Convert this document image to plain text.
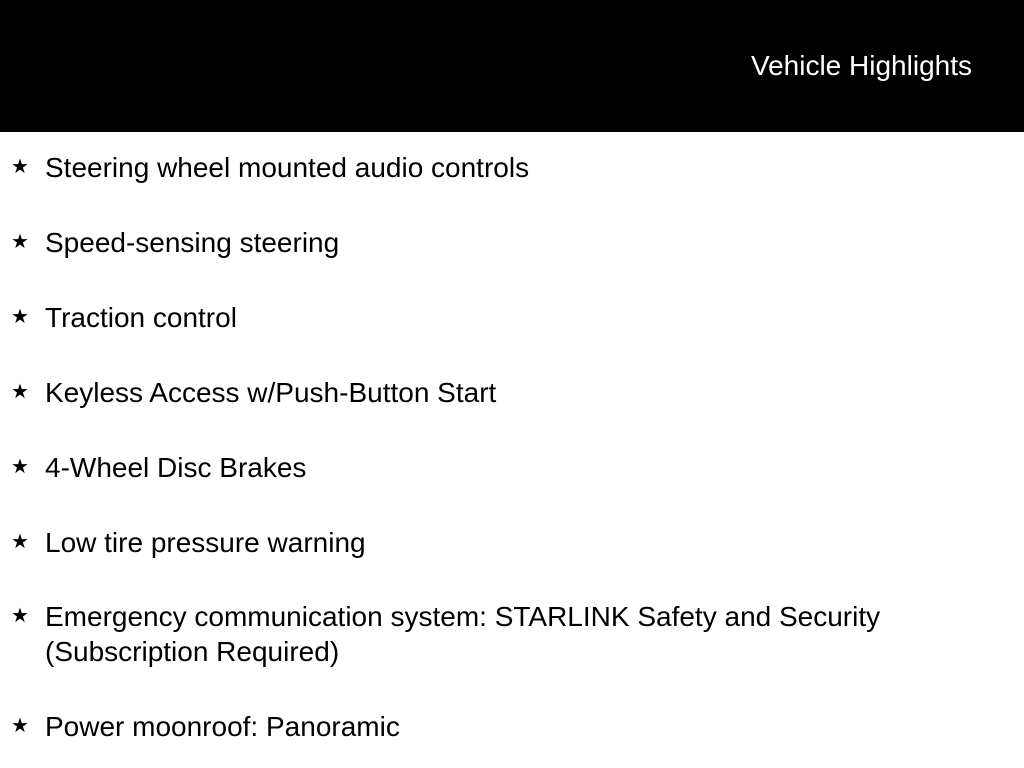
Vehicle Highlights
★ Steering wheel mounted audio controls
★ Speed-sensing steering
★ Traction control
★ Keyless Access w/Push-Button Start
★ 4-Wheel Disc Brakes
★ Low tire pressure warning
★ Emergency communication system: STARLINK Safety and Security (Subscription Required)
★ Power moonroof: Panoramic
